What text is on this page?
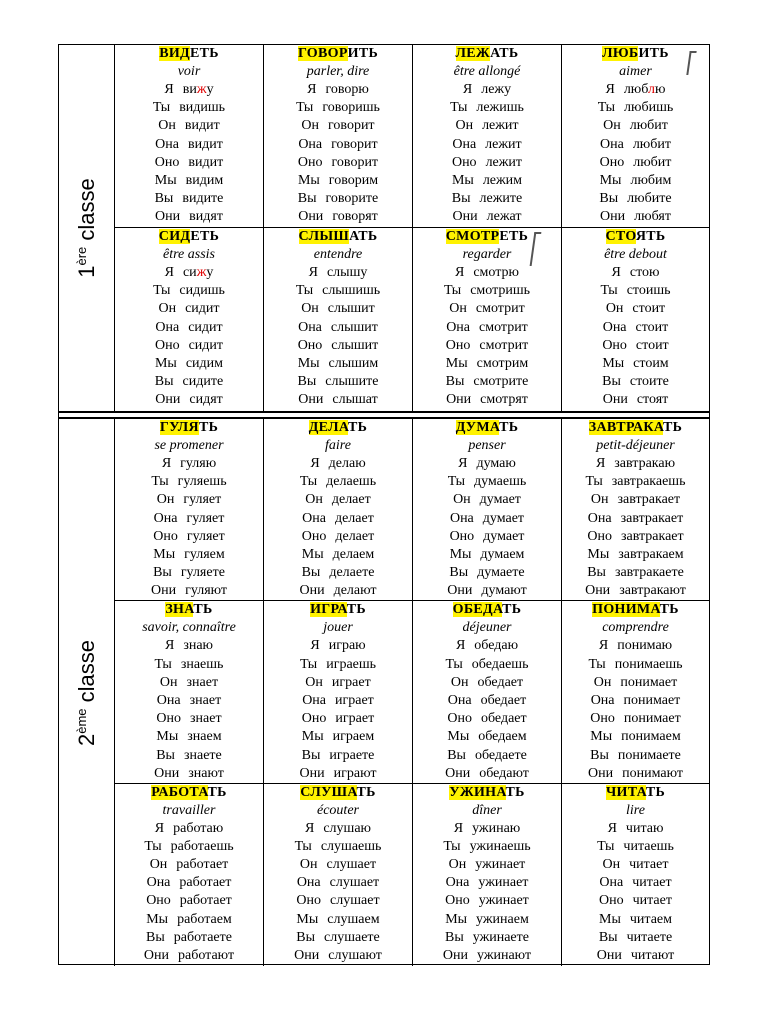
1ère classe
ВИДЕТЬ
voir
Я вижу
Ты видишь
Он видит
Она видит
Оно видит
Мы видим
Вы видите
Они видят
ГОВОРИТЬ
parler, dire
Я говорю
Ты говоришь
Он говорит
Она говорит
Оно говорит
Мы говорим
Вы говорите
Они говорят
ЛЕЖАТЬ
être allongé
Я лежу
Ты лежишь
Он лежит
Она лежит
Оно лежит
Мы лежим
Вы лежите
Они лежат
ЛЮБИТЬ
aimer
Я люблю
Ты любишь
Он любит
Она любит
Оно любит
Мы любим
Вы любите
Они любят
СИДЕТЬ
être assis
Я сижу
Ты сидишь
Он сидит
Она сидит
Оно сидит
Мы сидим
Вы сидите
Они сидят
СЛЫШАТЬ
entendre
Я слышу
Ты слышишь
Он слышит
Она слышит
Оно слышит
Мы слышим
Вы слышите
Они слышат
СМОТРЕТЬ
regarder
Я смотрю
Ты смотришь
Он смотрит
Она смотрит
Оно смотрит
Мы смотрим
Вы смотрите
Они смотрят
СТОЯТЬ
être debout
Я стою
Ты стоишь
Он стоит
Она стоит
Оно стоит
Мы стоим
Вы стоите
Они стоят
2ème classe
ГУЛЯТЬ
se promener
Я гуляю
Ты гуляешь
Он гуляет
Она гуляет
Оно гуляет
Мы гуляем
Вы гуляете
Они гуляют
ДЕЛАТЬ
faire
Я делаю
Ты делаешь
Он делает
Она делает
Оно делает
Мы делаем
Вы делаете
Они делают
ДУМАТЬ
penser
Я думаю
Ты думаешь
Он думает
Она думает
Оно думает
Мы думаем
Вы думаете
Они думают
ЗАВТРАКАТЬ
petit-déjeuner
Я завтракаю
Ты завтракаешь
Он завтракает
Она завтракает
Оно завтракает
Мы завтракаем
Вы завтракаете
Они завтракают
ЗНАТЬ
savoir, connaître
Я знаю
Ты знаешь
Он знает
Она знает
Оно знает
Мы знаем
Вы знаете
Они знают
ИГРАТЬ
jouer
Я играю
Ты играешь
Он играет
Она играет
Оно играет
Мы играем
Вы играете
Они играют
ОБЕДАТЬ
déjeuner
Я обедаю
Ты обедаешь
Он обедает
Она обедает
Оно обедает
Мы обедаем
Вы обедаете
Они обедают
ПОНИМАТЬ
comprendre
Я понимаю
Ты понимаешь
Он понимает
Она понимает
Оно понимает
Мы понимаем
Вы понимаете
Они понимают
РАБОТАТЬ
travailler
Я работаю
Ты работаешь
Он работает
Она работает
Оно работает
Мы работаем
Вы работаете
Они работают
СЛУШАТЬ
écouter
Я слушаю
Ты слушаешь
Он слушает
Она слушает
Оно слушает
Мы слушаем
Вы слушаете
Они слушают
УЖИНАТЬ
dîner
Я ужинаю
Ты ужинаешь
Он ужинает
Она ужинает
Оно ужинает
Мы ужинаем
Вы ужинаете
Они ужинают
ЧИТАТЬ
lire
Я читаю
Ты читаешь
Он читает
Она читает
Оно читает
Мы читаем
Вы читаете
Они читают
